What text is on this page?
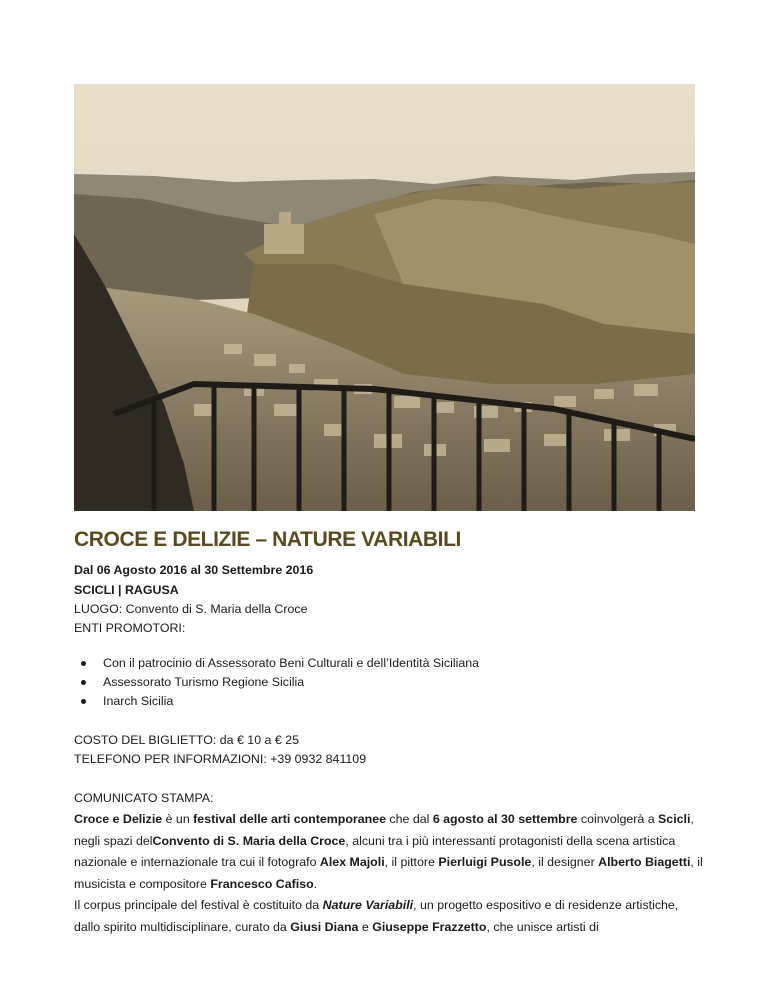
CROCE E DELIZIE – NATURE VARIABILI
Dal 06 Agosto 2016 al 30 Settembre 2016
SCICLI | RAGUSA
LUOGO: Convento di S. Maria della Croce
ENTI PROMOTORI:
Con il patrocinio di Assessorato Beni Culturali e dell’Identità Siciliana
Assessorato Turismo Regione Sicilia
Inarch Sicilia
COSTO DEL BIGLIETTO: da € 10 a € 25
TELEFONO PER INFORMAZIONI: +39 0932 841109
COMUNICATO STAMPA:

Croce e Delizie è un festival delle arti contemporanee che dal 6 agosto al 30 settembre coinvolgerà a Scicli, negli spazi delConvento di S. Maria della Croce, alcuni tra i più interessanti protagonisti della scena artistica nazionale e internazionale tra cui il fotografo Alex Majoli, il pittore Pierluigi Pusole, il designer Alberto Biagetti, il musicista e compositore Francesco Cafiso.
Il corpus principale del festival è costituito da Nature Variabili, un progetto espositivo e di residenze artistiche, dallo spirito multidisciplinare, curato da Giusi Diana e Giuseppe Frazzetto, che unisce artisti di
